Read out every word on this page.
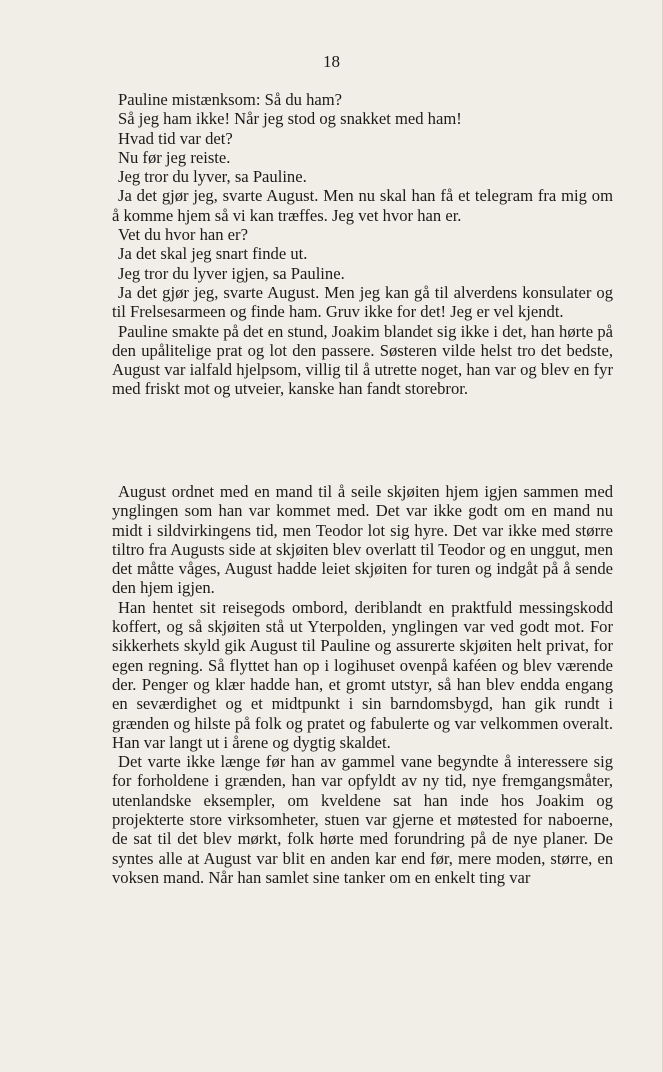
18

Pauline mistænksom: Så du ham?

Så jeg ham ikke! Når jeg stod og snakket med ham!

Hvad tid var det?

Nu før jeg reiste.

Jeg tror du lyver, sa Pauline.

Ja det gjør jeg, svarte August. Men nu skal han få et telegram fra mig om å komme hjem så vi kan træffes. Jeg vet hvor han er.

Vet du hvor han er?

Ja det skal jeg snart finde ut.

Jeg tror du lyver igjen, sa Pauline.

Ja det gjør jeg, svarte August. Men jeg kan gå til alverdens konsulater og til Frelsesarmeen og finde ham. Gruv ikke for det! Jeg er vel kjendt.

Pauline smakte på det en stund, Joakim blandet sig ikke i det, han hørte på den upålitelige prat og lot den passere. Søsteren vilde helst tro det bedste, August var ialfald hjelpsom, villig til å utrette noget, han var og blev en fyr med friskt mot og utveier, kanske han fandt storebror.

August ordnet med en mand til å seile skjøiten hjem igjen sammen med ynglingen som han var kommet med. Det var ikke godt om en mand nu midt i sildvirkingens tid, men Teodor lot sig hyre. Det var ikke med større tiltro fra Augusts side at skjøiten blev overlatt til Teodor og en unggut, men det måtte våges, August hadde leiet skjøiten for turen og indgåt på å sende den hjem igjen.

Han hentet sit reisegods ombord, deriblandt en praktfuld messingskodd koffert, og så skjøiten stå ut Yterpolden, ynglingen var ved godt mot. For sikkerhets skyld gik August til Pauline og assurerte skjøiten helt privat, for egen regning. Så flyttet han op i logihuset ovenpå kaféen og blev værende der. Penger og klær hadde han, et gromt utstyr, så han blev endda engang en seværdighet og et midtpunkt i sin barndomsbygd, han gik rundt i grænden og hilste på folk og pratet og fabulerte og var velkommen overalt. Han var langt ut i årene og dygtig skaldet.

Det varte ikke længe før han av gammel vane begyndte å interessere sig for forholdene i grænden, han var opfyldt av ny tid, nye fremgangsmåter, utenlandske eksempler, om kveldene sat han inde hos Joakim og projekterte store virksomheter, stuen var gjerne et møtested for naboerne, de sat til det blev mørkt, folk hørte med forundring på de nye planer. De syntes alle at August var blit en anden kar end før, mere moden, større, en voksen mand. Når han samlet sine tanker om en enkelt ting var
